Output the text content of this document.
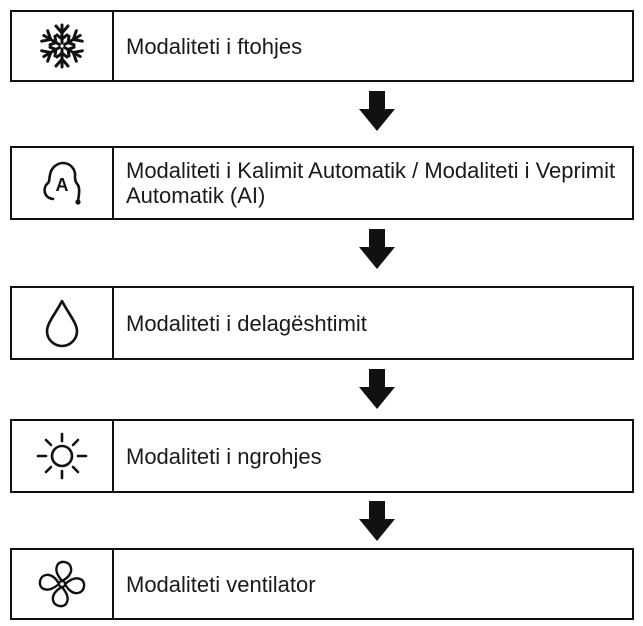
Modaliteti i ftohjes
A
Modaliteti i Kalimit Automatik / Modaliteti i Veprimit Automatik (AI)
Modaliteti i delagështimit
Modaliteti i ngrohjes
Modaliteti ventilator
